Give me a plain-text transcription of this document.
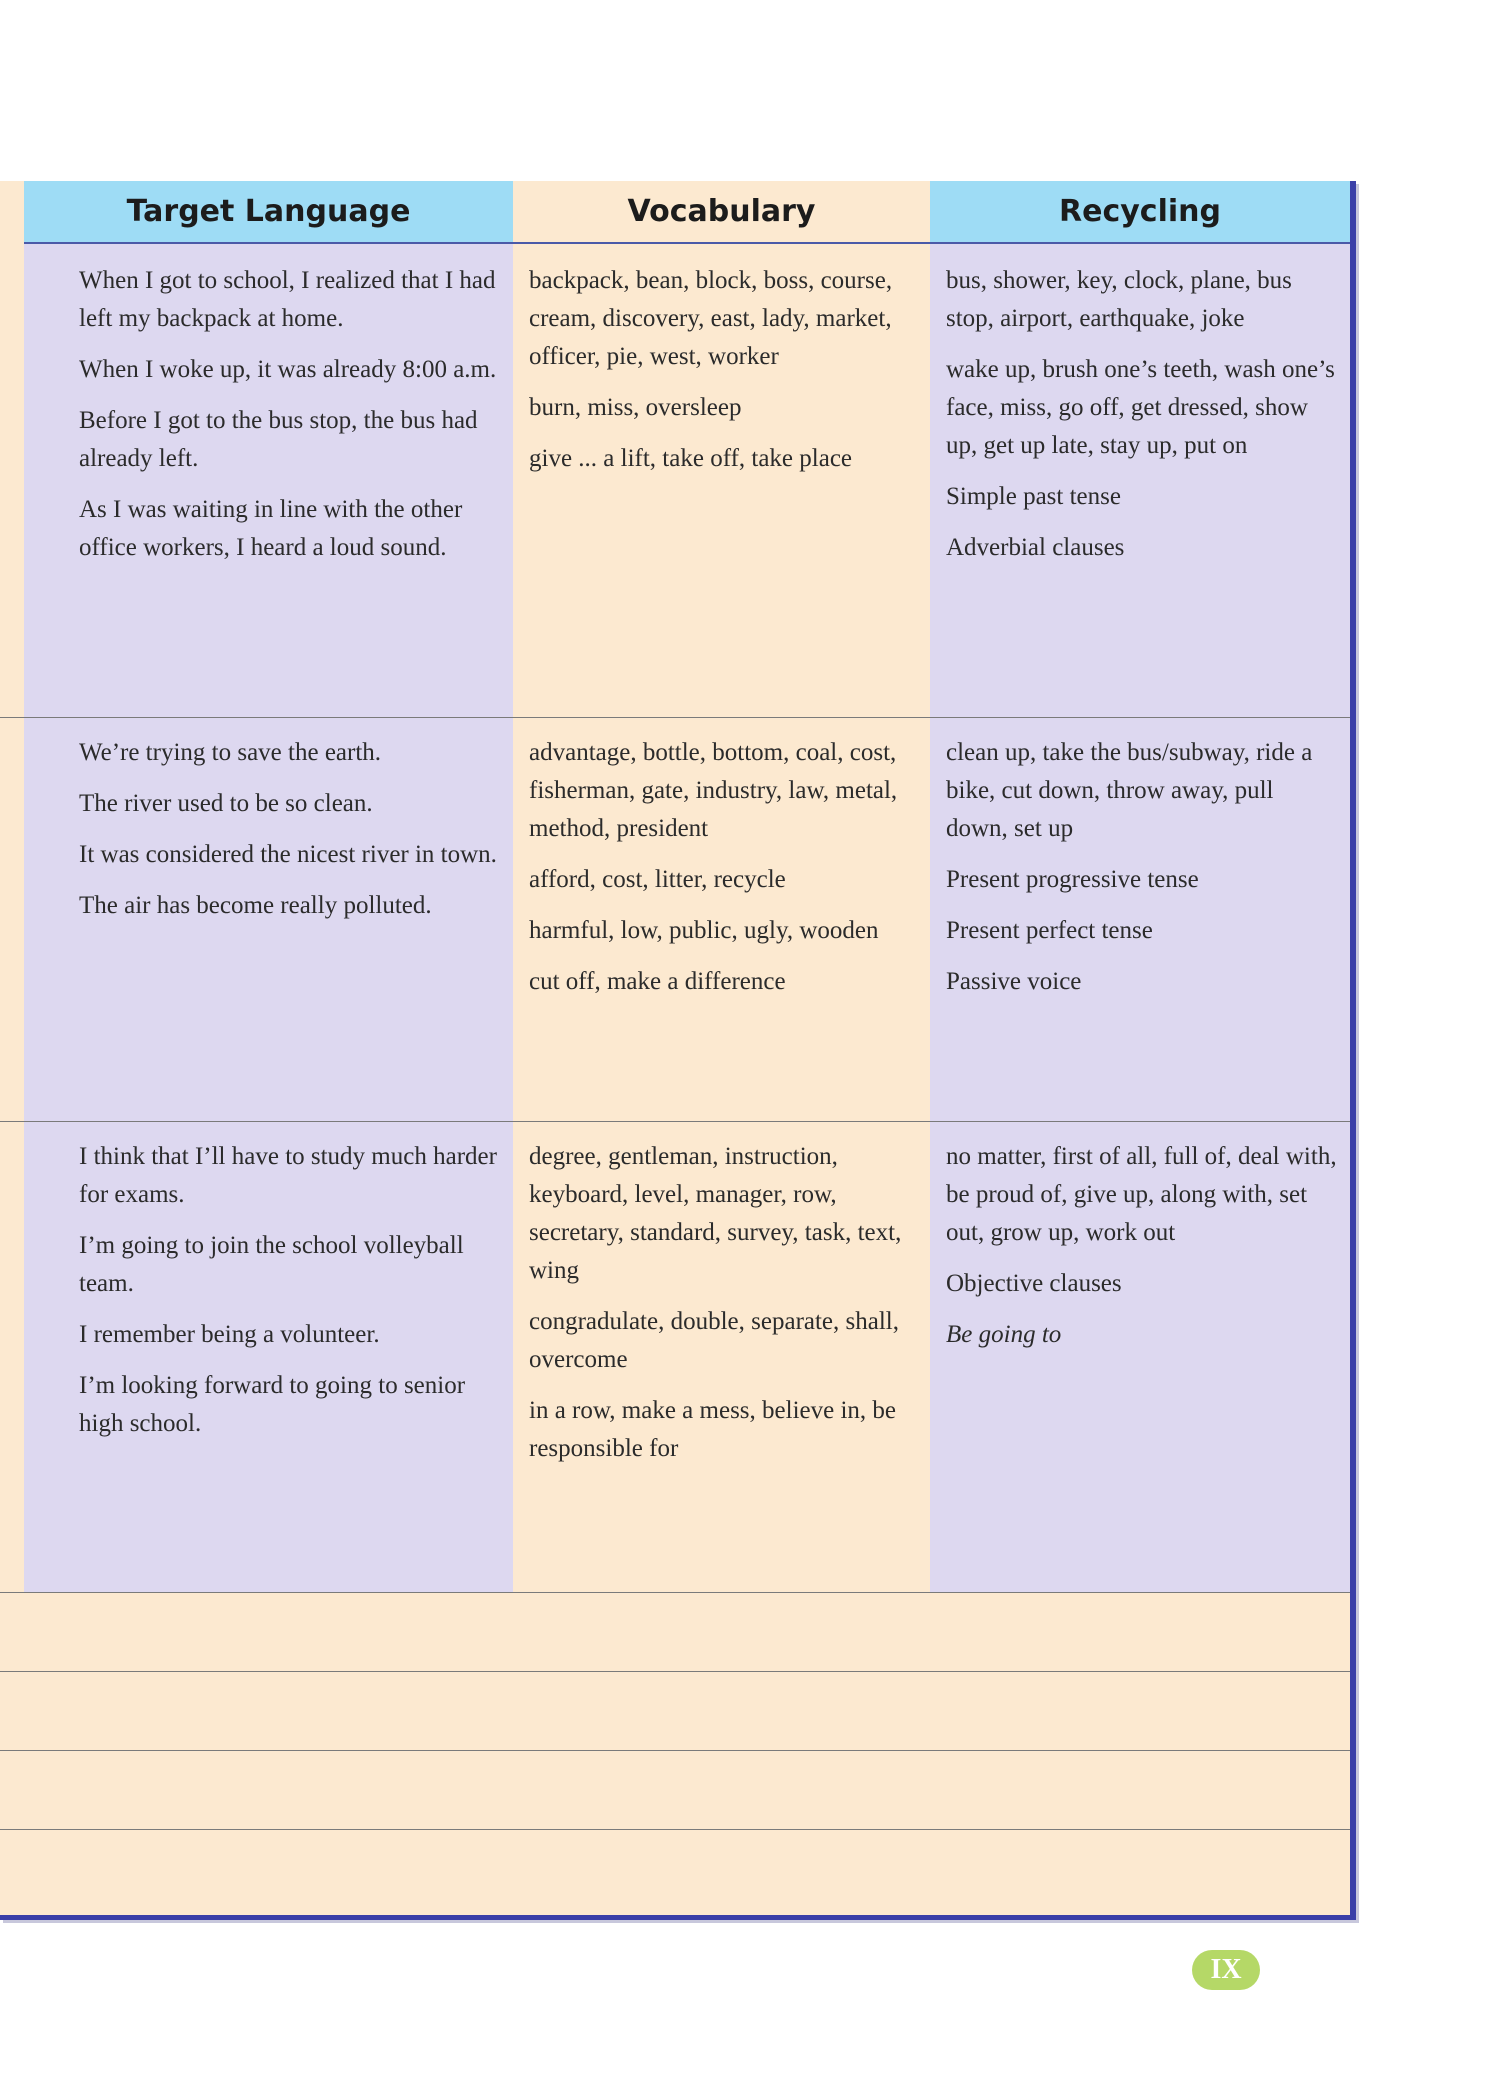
Target Language	Vocabulary	Recycling

When I got to school, I realized that I had left my backpack at home.

When I woke up, it was already 8:00 a.m.

Before I got to the bus stop, the bus had already left.

As I was waiting in line with the other office workers, I heard a loud sound.

backpack, bean, block, boss, course, cream, discovery, east, lady, market, officer, pie, west, worker

burn, miss, oversleep

give ... a lift, take off, take place

bus, shower, key, clock, plane, bus stop, airport, earthquake, joke

wake up, brush one’s teeth, wash one’s face, miss, go off, get dressed, show up, get up late, stay up, put on

Simple past tense

Adverbial clauses

We’re trying to save the earth.

The river used to be so clean.

It was considered the nicest river in town.

The air has become really polluted.

advantage, bottle, bottom, coal, cost, fisherman, gate, industry, law, metal, method, president

afford, cost, litter, recycle

harmful, low, public, ugly, wooden

cut off, make a difference

clean up, take the bus/subway, ride a bike, cut down, throw away, pull down, set up

Present progressive tense

Present perfect tense

Passive voice

I think that I’ll have to study much harder for exams.

I’m going to join the school volleyball team.

I remember being a volunteer.

I’m looking forward to going to senior high school.

degree, gentleman, instruction, keyboard, level, manager, row, secretary, standard, survey, task, text, wing

congradulate, double, separate, shall, overcome

in a row, make a mess, believe in, be responsible for

no matter, first of all, full of, deal with, be proud of, give up, along with, set out, grow up, work out

Objective clauses

Be going to

IX
